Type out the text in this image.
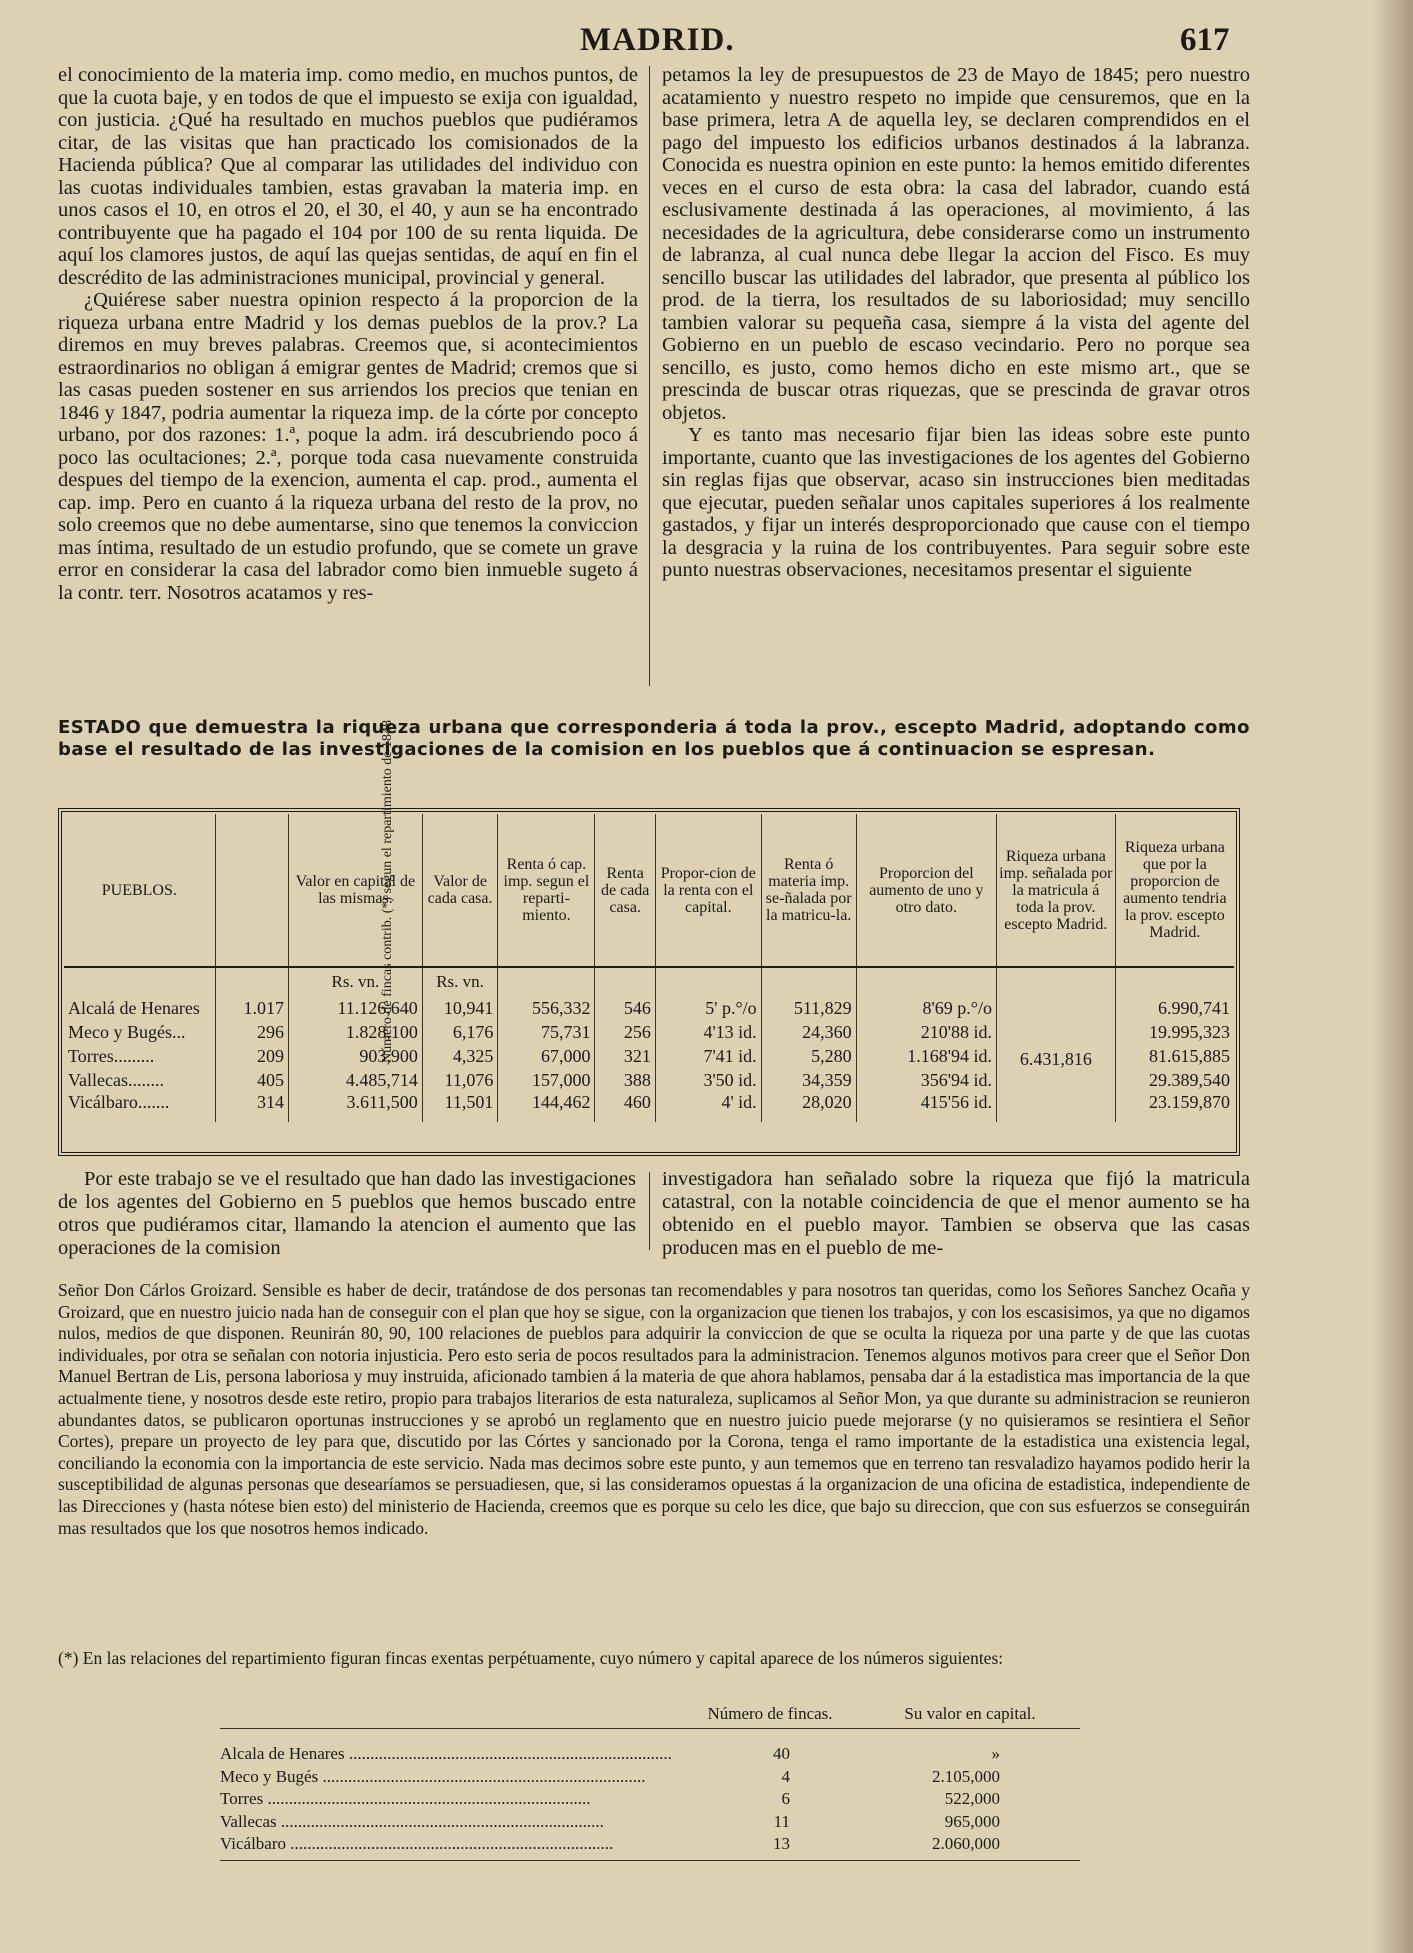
MADRID.	617

el conocimiento de la materia imp. como medio, en muchos puntos, de que la cuota baje, y en todos de que el impuesto se exija con igualdad, con justicia. ¿Qué ha resultado en muchos pueblos que pudiéramos citar, de las visitas que han practicado los comisionados de la Hacienda pública? Que al comparar las utilidades del individuo con las cuotas individuales tambien, estas gravaban la materia imp. en unos casos el 10, en otros el 20, el 30, el 40, y aun se ha encontrado contribuyente que ha pagado el 104 por 100 de su renta liquida. De aquí los clamores justos, de aquí las quejas sentidas, de aquí en fin el descrédito de las administraciones municipal, provincial y general.

¿Quiérese saber nuestra opinion respecto á la proporcion de la riqueza urbana entre Madrid y los demas pueblos de la prov.? La diremos en muy breves palabras. Creemos que, si acontecimientos estraordinarios no obligan á emigrar gentes de Madrid; cremos que si las casas pueden sostener en sus arriendos los precios que tenian en 1846 y 1847, podria aumentar la riqueza imp. de la córte por concepto urbano, por dos razones: 1.ª, poque la adm. irá descubriendo poco á poco las ocultaciones; 2.ª, porque toda casa nuevamente construida despues del tiempo de la exencion, aumenta el cap. prod., aumenta el cap. imp. Pero en cuanto á la riqueza urbana del resto de la prov, no solo creemos que no debe aumentarse, sino que tenemos la conviccion mas íntima, resultado de un estudio profundo, que se comete un grave error en considerar la casa del labrador como bien inmueble sugeto á la contr. terr. Nosotros acatamos y res-

petamos la ley de presupuestos de 23 de Mayo de 1845; pero nuestro acatamiento y nuestro respeto no impide que censuremos, que en la base primera, letra A de aquella ley, se declaren comprendidos en el pago del impuesto los edificios urbanos destinados á la labranza. Conocida es nuestra opinion en este punto: la hemos emitido diferentes veces en el curso de esta obra: la casa del labrador, cuando está esclusivamente destinada á las operaciones, al movimiento, á las necesidades de la agricultura, debe considerarse como un instrumento de labranza, al cual nunca debe llegar la accion del Fisco. Es muy sencillo buscar las utilidades del labrador, que presenta al público los prod. de la tierra, los resultados de su laboriosidad; muy sencillo tambien valorar su pequeña casa, siempre á la vista del agente del Gobierno en un pueblo de escaso vecindario. Pero no porque sea sencillo, es justo, como hemos dicho en este mismo art., que se prescinda de buscar otras riquezas, que se prescinda de gravar otros objetos.

Y es tanto mas necesario fijar bien las ideas sobre este punto importante, cuanto que las investigaciones de los agentes del Gobierno sin reglas fijas que observar, acaso sin instrucciones bien meditadas que ejecutar, pueden señalar unos capitales superiores á los realmente gastados, y fijar un interés desproporcionado que cause con el tiempo la desgracia y la ruina de los contribuyentes. Para seguir sobre este punto nuestras observaciones, necesitamos presentar el siguiente

ESTADO que demuestra la riqueza urbana que corresponderia á toda la prov., escepto Madrid, adoptando como base el resultado de las investigaciones de la comision en los pueblos que á continuacion se espresan.
PUEBLOS.	Número de fincas contrib. (*) segun el repartimiento de 1848	Valor en capital de las mismas.	Valor de cada casa.	Renta ó cap. imp. segun el reparti-miento.	Renta de cada casa.	Propor-cion de la renta con el capital.	Renta ó materia imp. se-ñalada por la matricu-la.	Proporcion del aumento de uno y otro dato.	Riqueza urbana imp. señalada por la matricula á toda la prov. escepto Madrid.	Riqueza urbana que por la proporcion de aumento tendria la prov. escepto Madrid.
		Rs. vn.	Rs. vn.							
Alcalá de Henares	1.017	11.126,640	10,941	556,332	546	5' p.°/o	511,829	8'69 p.°/o	6.431,816	6.990,741
Meco y Bugés...	296	1.828,100	6,176	75,731	256	4'13 id.	24,360	210'88 id.		19.995,323
Torres.........	209	903,900	4,325	67,000	321	7'41 id.	5,280	1.168'94 id.		81.615,885
Vallecas........	405	4.485,714	11,076	157,000	388	3'50 id.	34,359	356'94 id.		29.389,540
Vicálbaro.......	314	3.611,500	11,501	144,462	460	4' id.	28,020	415'56 id.		23.159,870
Por este trabajo se ve el resultado que han dado las investigaciones de los agentes del Gobierno en 5 pueblos que hemos buscado entre otros que pudiéramos citar, llamando la atencion el aumento que las operaciones de la comision
investigadora han señalado sobre la riqueza que fijó la matricula catastral, con la notable coincidencia de que el menor aumento se ha obtenido en el pueblo mayor. Tambien se observa que las casas producen mas en el pueblo de me-

Señor Don Cárlos Groizard. Sensible es haber de decir, tratándose de dos personas tan recomendables y para nosotros tan queridas, como los Señores Sanchez Ocaña y Groizard, que en nuestro juicio nada han de conseguir con el plan que hoy se sigue, con la organizacion que tienen los trabajos, y con los escasisimos, ya que no digamos nulos, medios de que disponen. Reunirán 80, 90, 100 relaciones de pueblos para adquirir la conviccion de que se oculta la riqueza por una parte y de que las cuotas individuales, por otra se señalan con notoria injusticia. Pero esto seria de pocos resultados para la administracion. Tenemos algunos motivos para creer que el Señor Don Manuel Bertran de Lis, persona laboriosa y muy instruida, aficionado tambien á la materia de que ahora hablamos, pensaba dar á la estadistica mas importancia de la que actualmente tiene, y nosotros desde este retiro, propio para trabajos literarios de esta naturaleza, suplicamos al Señor Mon, ya que durante su administracion se reunieron abundantes datos, se publicaron oportunas instrucciones y se aprobó un reglamento que en nuestro juicio puede mejorarse (y no quisieramos se resintiera el Señor Cortes), prepare un proyecto de ley para que, discutido por las Córtes y sancionado por la Corona, tenga el ramo importante de la estadistica una existencia legal, conciliando la economia con la importancia de este servicio. Nada mas decimos sobre este punto, y aun tememos que en terreno tan resvaladizo hayamos podido herir la susceptibilidad de algunas personas que desearíamos se persuadiesen, que, si las consideramos opuestas á la organizacion de una oficina de estadistica, independiente de las Direcciones y (hasta nótese bien esto) del ministerio de Hacienda, creemos que es porque su celo les dice, que bajo su direccion, que con sus esfuerzos se conseguirán mas resultados que los que nosotros hemos indicado.

(*) En las relaciones del repartimiento figuran fincas exentas perpétuamente, cuyo número y capital aparece de los números siguientes:
Número de fincas.	Su valor en capital.
Alcala de Henares .....	40	»
Meco y Bugés .....	4	2.105,000
Torres .....	6	522,000
Vallecas .....	11	965,000
Vicálbaro .....	13	2.060,000
